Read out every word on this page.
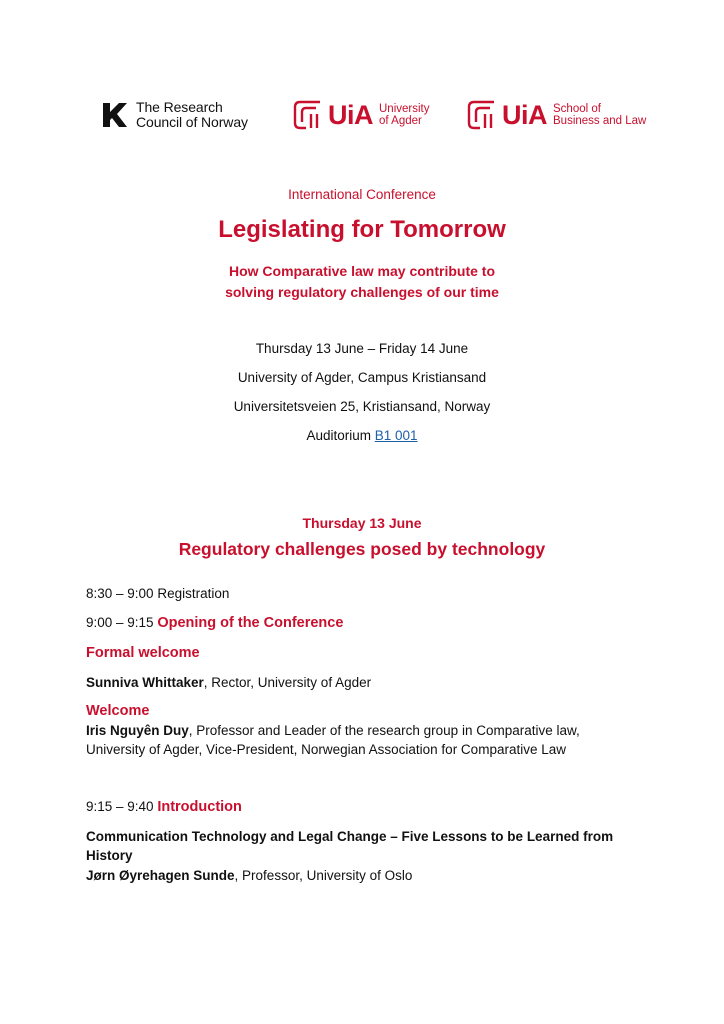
The Research
Council of Norway	UiA University
of Agder	UiA School of
Business and Law
International Conference
Legislating for Tomorrow
How Comparative law may contribute to
solving regulatory challenges of our time
Thursday 13 June – Friday 14 June
University of Agder, Campus Kristiansand
Universitetsveien 25, Kristiansand, Norway
Auditorium B1 001
Thursday 13 June
Regulatory challenges posed by technology
8:30 – 9:00 Registration
9:00 – 9:15 Opening of the Conference
Formal welcome
Sunniva Whittaker, Rector, University of Agder
Welcome
Iris Nguyên Duy, Professor and Leader of the research group in Comparative law,
University of Agder, Vice-President, Norwegian Association for Comparative Law
9:15 – 9:40 Introduction
Communication Technology and Legal Change – Five Lessons to be Learned from
History
Jørn Øyrehagen Sunde, Professor, University of Oslo
